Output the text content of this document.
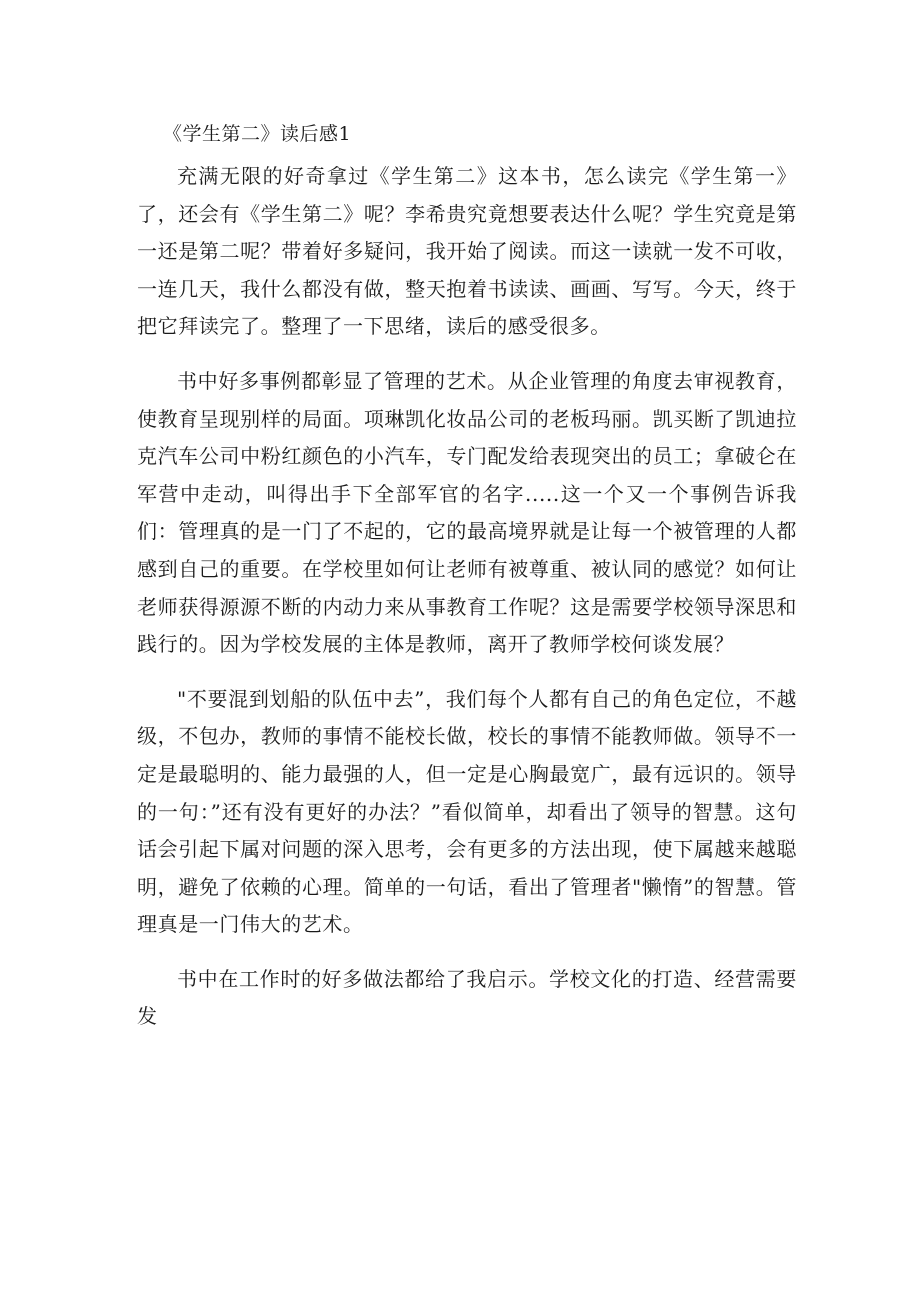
《学生第二》读后感1

充满无限的好奇拿过《学生第二》这本书，怎么读完《学生第一》了，还会有《学生第二》呢？李希贵究竟想要表达什么呢？学生究竟是第一还是第二呢？带着好多疑问，我开始了阅读。而这一读就一发不可收，一连几天，我什么都没有做，整天抱着书读读、画画、写写。今天，终于把它拜读完了。整理了一下思绪，读后的感受很多。

书中好多事例都彰显了管理的艺术。从企业管理的角度去审视教育，使教育呈现别样的局面。项琳凯化妆品公司的老板玛丽。凯买断了凯迪拉克汽车公司中粉红颜色的小汽车，专门配发给表现突出的员工；拿破仑在军营中走动，叫得出手下全部军官的名字.....这一个又一个事例告诉我们：管理真的是一门了不起的，它的最高境界就是让每一个被管理的人都感到自己的重要。在学校里如何让老师有被尊重、被认同的感觉？如何让老师获得源源不断的内动力来从事教育工作呢？这是需要学校领导深思和践行的。因为学校发展的主体是教师，离开了教师学校何谈发展？

"不要混到划船的队伍中去”，我们每个人都有自己的角色定位，不越级，不包办，教师的事情不能校长做，校长的事情不能教师做。领导不一定是最聪明的、能力最强的人，但一定是心胸最宽广，最有远识的。领导的一句：”还有没有更好的办法？”看似简单，却看出了领导的智慧。这句话会引起下属对问题的深入思考，会有更多的方法出现，使下属越来越聪明，避免了依赖的心理。简单的一句话，看出了管理者"懒惰”的智慧。管理真是一门伟大的艺术。

书中在工作时的好多做法都给了我启示。学校文化的打造、经营需要发
